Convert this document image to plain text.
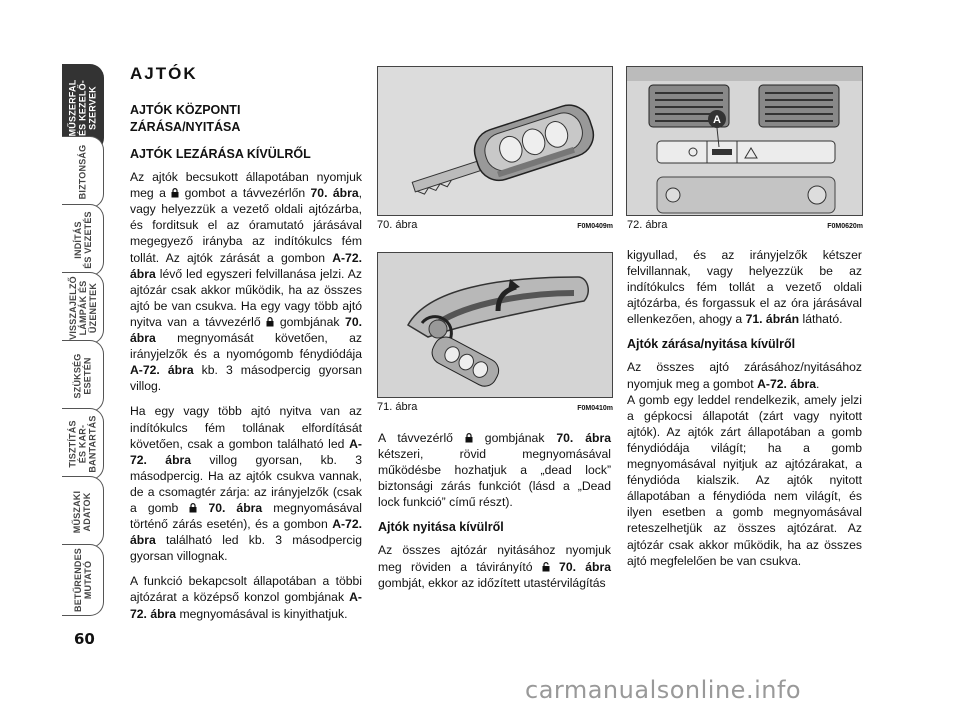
MŰSZERFAL
ÉS KEZELŐ-
SZERVEK
BIZTONSÁG
INDÍTÁS
ÉS VEZETÉS
VISSZAJELZŐ
LÁMPÁK ÉS
ÜZENETEK
SZÜKSÉG
ESETÉN
TISZTÍTÁS
ÉS KAR-
BANTARTÁS
MŰSZAKI
ADATOK
BETŰRENDES
MUTATÓ
60
AJTÓK
AJTÓK KÖZPONTI
ZÁRÁSA/NYITÁSA
AJTÓK LEZÁRÁSA KÍVÜLRŐL

Az ajtók becsukott állapotában nyomjuk meg a  gombot a távvezérlőn 70. ábra, vagy helyezzük a vezető oldali ajtózárba, és forditsuk el az óramutató járásával megegyező irányba az indítókulcs fém tollát. Az ajtók zárását a gombon A-72. ábra lévő led egyszeri felvillanása jelzi. Az ajtózár csak akkor működik, ha az összes ajtó be van csukva. Ha egy vagy több ajtó nyitva van a távvezérlő  gombjának 70. ábra megnyomását követően, az irányjelzők és a nyomógomb fénydiódája A-72. ábra kb. 3 másodpercig gyorsan villog.

Ha egy vagy több ajtó nyitva van az indítókulcs fém tollának elfordítását követően, csak a gombon található led A-72. ábra villog gyorsan, kb. 3 másodpercig. Ha az ajtók csukva vannak, de a csomagtér zárja: az irányjelzők (csak a gomb  70. ábra megnyomásával történő zárás esetén), és a gombon A-72. ábra található led kb. 3 másodpercig gyorsan villognak.

A funkció bekapcsolt állapotában a többi ajtózárat a középső konzol gombjának A-72. ábra megnyomásával is kinyithatjuk.

70. ábra	F0M0409m
71. ábra	F0M0410m

A távvezérlő  gombjának 70. ábra kétszeri, rövid megnyomásával működésbe hozhatjuk a „dead lock” biztonsági zárás funkciót (lásd a „Dead lock funkció” című részt).

Ajtók nyitása kívülről

Az összes ajtózár nyitásához nyomjuk meg röviden a távirányító  70. ábra gombját, ekkor az időzített utastérvilágítás

A
72. ábra	F0M0620m

kigyullad, és az irányjelzők kétszer felvillannak, vagy helyezzük be az indítókulcs fém tollát a vezető oldali ajtózárba, és forgassuk el az óra járásával ellenkezően, ahogy a 71. ábrán látható.

Ajtók zárása/nyitása kívülről

Az összes ajtó zárásához/nyitásához nyomjuk meg a gombot A-72. ábra.
A gomb egy leddel rendelkezik, amely jelzi a gépkocsi állapotát (zárt vagy nyitott ajtók). Az ajtók zárt állapotában a gomb fénydiódája világít; ha a gomb megnyomásával nyitjuk az ajtózárakat, a fénydióda kialszik. Az ajtók nyitott állapotában a fénydióda nem világít, és ilyen esetben a gomb megnyomásával reteszelhetjük az összes ajtózárat. Az ajtózár csak akkor működik, ha az összes ajtó megfelelően be van csukva.

carmanualsonline.info
